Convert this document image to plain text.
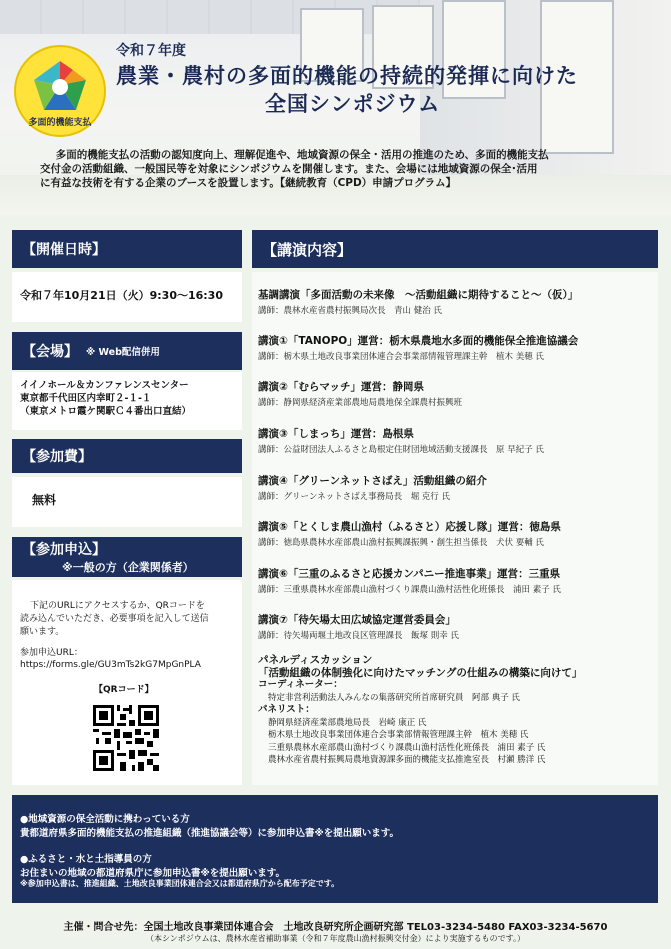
多面的機能支払
令和７年度
農業・農村の多面的機能の持続的発揮に向けた
全国シンポジウム

多面的機能支払の活動の認知度向上、理解促進や、地域資源の保全・活用の推進のため、多面的機能支払

交付金の活動組織、一般国民等を対象にシンポジウムを開催します。また、会場には地域資源の保全･活用

に有益な技術を有する企業のブースを設置します。【継続教育（CPD）申請プログラム】

【開催日時】
令和７年10月21日（火）9:30～16:30
【会場】 ※ Web配信併用
イイノホール＆カンファレンスセンター
東京都千代田区内幸町２-１-１
（東京メトロ霞ケ関駅Ｃ４番出口直結）
【参加費】
無料
【参加申込】
※一般の方（企業関係者）
下記のURLにアクセスするか、QRコードを
読み込んでいただき、必要事項を記入して送信
願います。
参加申込URL：
https://forms.gle/GU3mTs2kG7MpGnPLA
【QRコード】
【講演内容】
基調講演「多面活動の未来像　～活動組織に期待すること～（仮）」
講師：農林水産省農村振興局次長　青山 健治 氏
講演①「TANOPO」運営：栃木県農地水多面的機能保全推進協議会
講師：栃木県土地改良事業団体連合会事業部情報管理課主幹　植木 美穂 氏
講演②「むらマッチ」運営：静岡県
講師：静岡県経済産業部農地局農地保全課農村振興班
講演③「しまっち」運営：島根県
講師：公益財団法人ふるさと島根定住財団地域活動支援課長　原 早紀子 氏
講演④「グリーンネットさばえ」活動組織の紹介
講師：グリーンネットさばえ事務局長　堀 克行 氏
講演⑤「とくしま農山漁村（ふるさと）応援し隊」運営：徳島県
講師：徳島県農林水産部農山漁村振興課振興・創生担当係長　犬伏 要輔 氏
講演⑥「三重のふるさと応援カンパニー推進事業」運営：三重県
講師：三重県農林水産部農山漁村づくり課農山漁村活性化班係長　浦田 素子 氏
講演⑦「待矢場太田広域協定運営委員会」
講師：待矢場両堰土地改良区管理課長　飯塚 則幸 氏
パネルディスカッション
「活動組織の体制強化に向けたマッチングの仕組みの構築に向けて」
コーディネーター：
特定非営利活動法人みんなの集落研究所首席研究員　阿部 典子 氏
パネリスト：
静岡県経済産業部農地局長　岩崎 康正 氏
栃木県土地改良事業団体連合会事業部情報管理課主幹　植木 美穂 氏
三重県農林水産部農山漁村づくり課農山漁村活性化班係長　浦田 素子 氏
農林水産省農村振興局農地資源課多面的機能支払推進室長　村瀬 勝洋 氏
●地域資源の保全活動に携わっている方
貴都道府県多面的機能支払の推進組織（推進協議会等）に参加申込書※を提出願います。
●ふるさと・水と土指導員の方
お住まいの地域の都道府県庁に参加申込書※を提出願います。
※参加申込書は、推進組織、土地改良事業団体連合会又は都道府県庁から配布予定です。
主催・問合せ先：全国土地改良事業団体連合会　土地改良研究所企画研究部 TEL03-3234-5480 FAX03-3234-5670
（本シンポジウムは、農林水産省補助事業（令和７年度農山漁村振興交付金）により実施するものです。）
